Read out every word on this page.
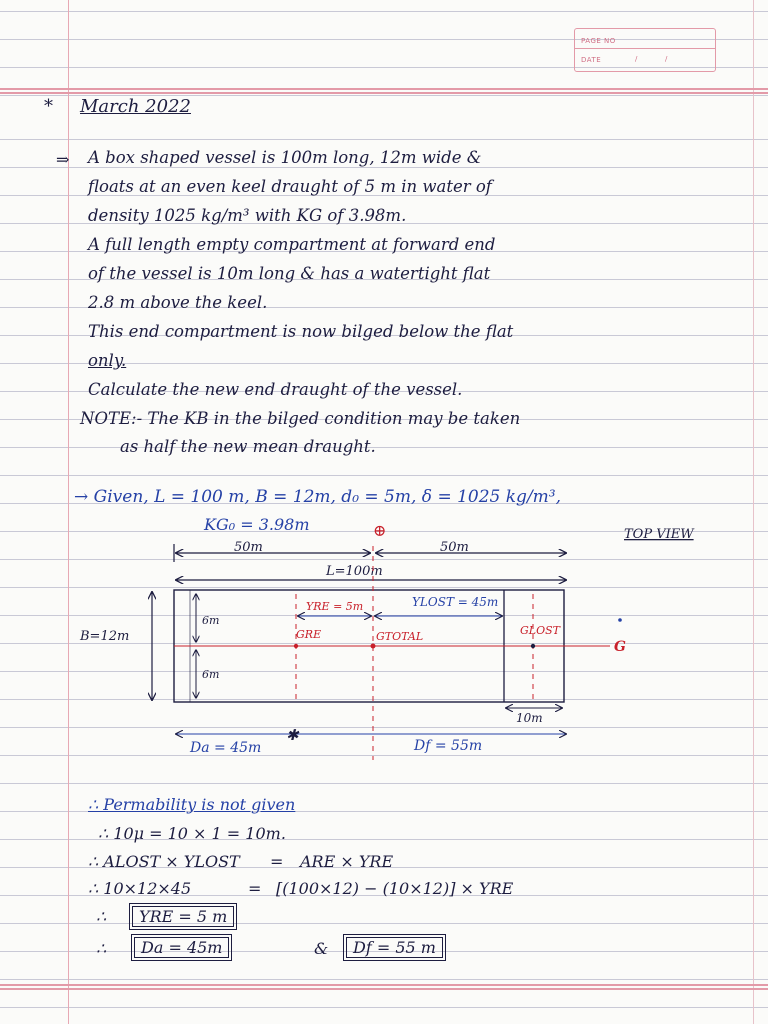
PAGE NO
DATE	/	/
* March 2022
⇒ A box shaped vessel is 100m long, 12m wide &
floats at an even keel draught of 5 m in water of
density 1025 kg/m³ with KG of 3.98m.
A full length empty compartment at forward end
of the vessel is 10m long & has a watertight flat
2.8 m above the keel.
This end compartment is now bilged below the flat
only.
Calculate the new end draught of the vessel.
NOTE:- The KB in the bilged condition may be taken
as half the new mean draught.
→ Given, L = 100 m, B = 12m, d₀ = 5m, δ = 1025 kg/m³,
KG₀ = 3.98m
TOP VIEW
⊕
50m	50m
L=100m
B=12m
6m
6m
YRE = 5m	YLOST = 45m
GRE	GTOTAL	GLOST
G
10m
✱
Da = 45m	Df = 55m
∴ Permability is not given
∴ 10μ = 10 × 1 = 10m.
∴ ALOST × YLOST = ARE × YRE
∴ 10×12×45	= [(100×12) − (10×12)] × YRE
∴	YRE = 5 m
∴	Da = 45m	&	Df = 55 m
